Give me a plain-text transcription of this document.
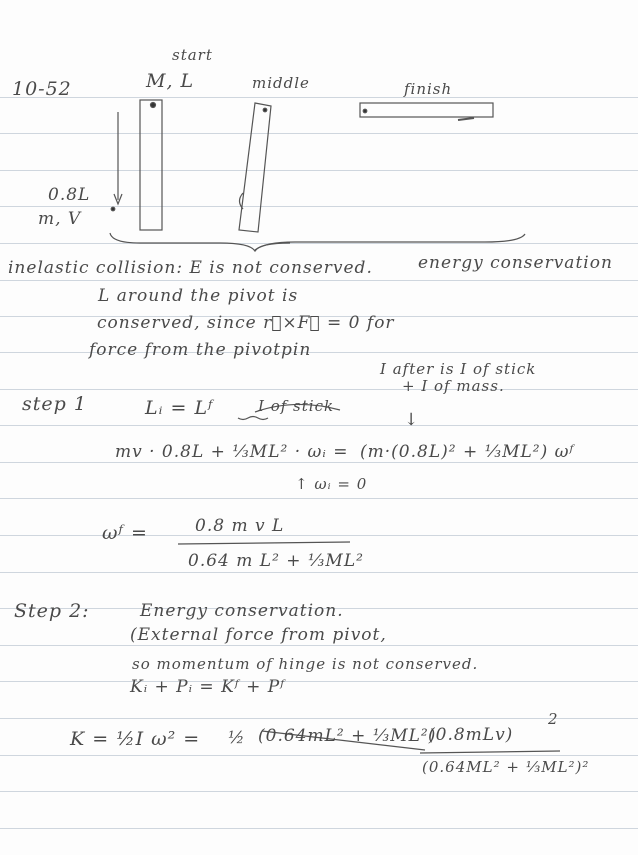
10-52
start
M, L	middle	finish
0.8L
m, V
inelastic collision: E is not conserved.	energy conservation
L around the pivot is
conserved, since r⃗×F⃗ = 0 for
force from the pivotpin
step 1	Lᵢ = Lᶠ	I of stick
I after is I of stick
+ I of mass.
↓
mv · 0.8L + ⅓ML² · ωᵢ = (m·(0.8L)² + ⅓ML²) ωᶠ
↑ ωᵢ = 0
ωᶠ =	0.8 m v L
0.64 m L² + ⅓ML²
Step 2:	Energy conservation.
(External force from pivot,
so momentum of hinge is not conserved.
Kᵢ + Pᵢ = Kᶠ + Pᶠ
K = ½I ω² = ½ (0.64mL² + ⅓ML²)
(0.8mLv)
2
(0.64ML² + ⅓ML²)²
